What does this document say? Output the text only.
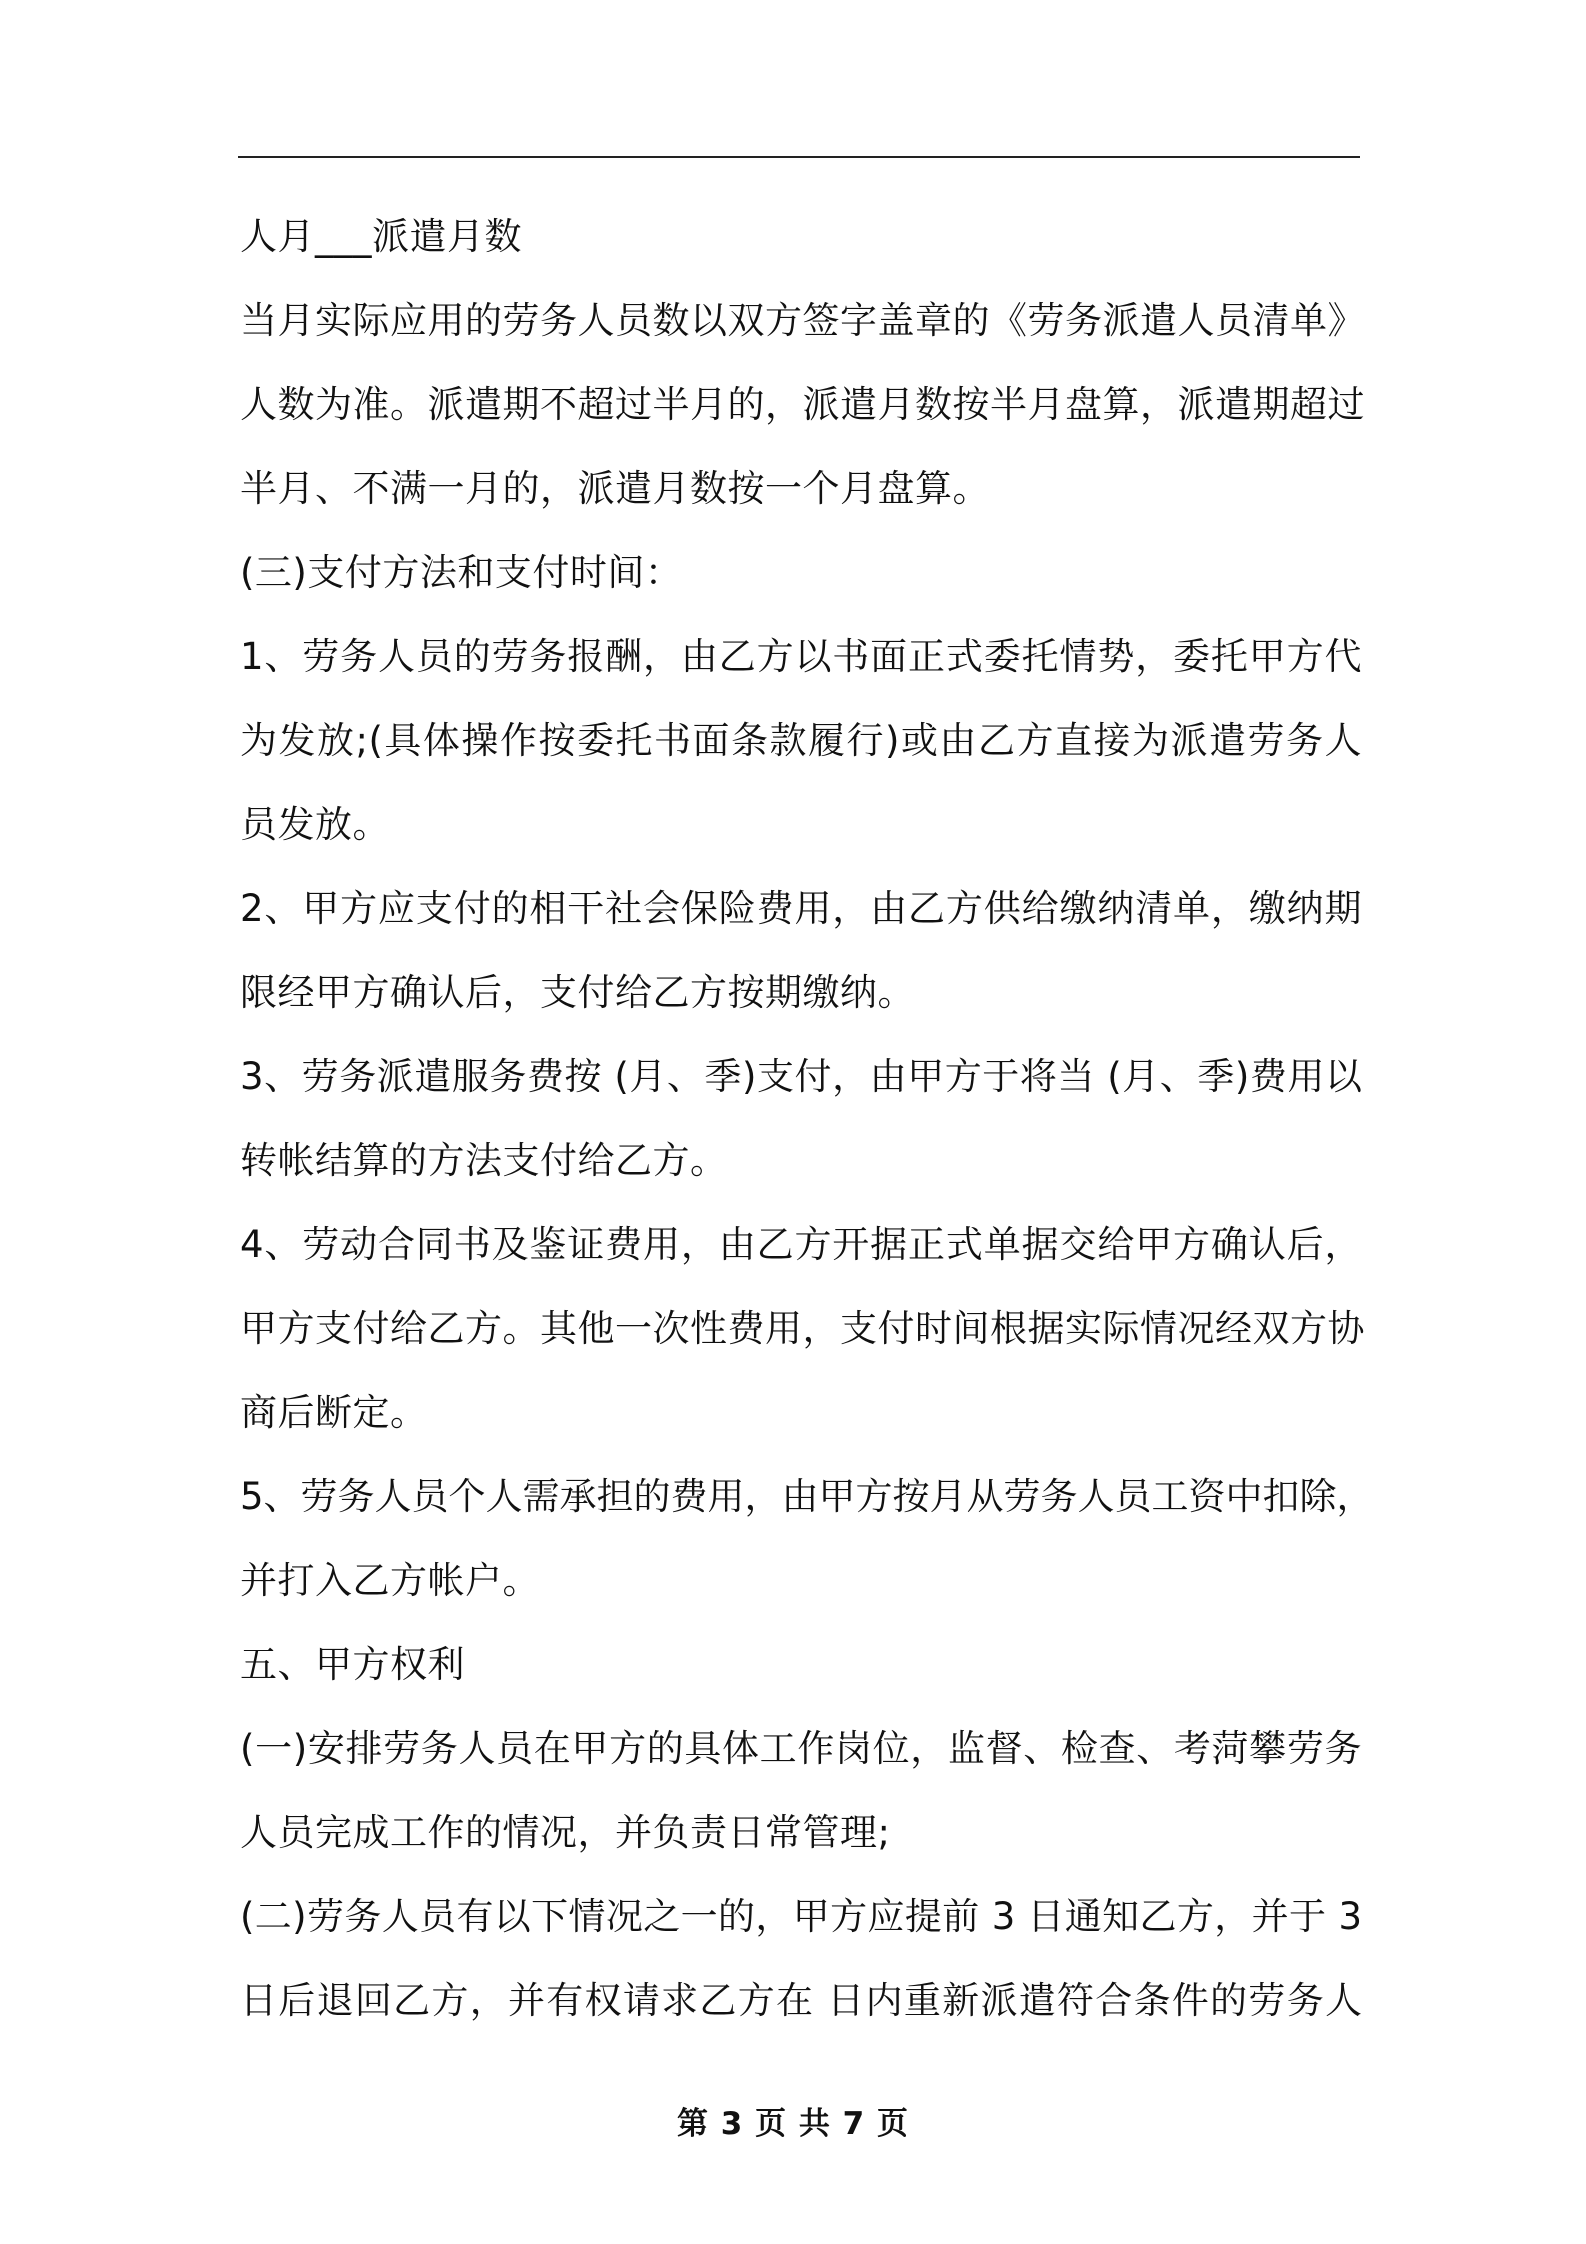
人月___派遣月数
当月实际应用的劳务人员数以双方签字盖章的《劳务派遣人员清单》
人数为准。派遣期不超过半月的，派遣月数按半月盘算，派遣期超过
半月、不满一月的，派遣月数按一个月盘算。
(三)支付方法和支付时间：
1、劳务人员的劳务报酬，由乙方以书面正式委托情势，委托甲方代
为发放;(具体操作按委托书面条款履行)或由乙方直接为派遣劳务人
员发放。
2、甲方应支付的相干社会保险费用，由乙方供给缴纳清单，缴纳期
限经甲方确认后，支付给乙方按期缴纳。
3、劳务派遣服务费按 (月、季)支付，由甲方于将当 (月、季)费用以
转帐结算的方法支付给乙方。
4、劳动合同书及鉴证费用，由乙方开据正式单据交给甲方确认后，
甲方支付给乙方。其他一次性费用，支付时间根据实际情况经双方协
商后断定。
5、劳务人员个人需承担的费用，由甲方按月从劳务人员工资中扣除，
并打入乙方帐户。
五、甲方权利
(一)安排劳务人员在甲方的具体工作岗位，监督、检查、考菏攀劳务
人员完成工作的情况，并负责日常管理;
(二)劳务人员有以下情况之一的，甲方应提前 3 日通知乙方，并于 3
日后退回乙方，并有权请求乙方在 日内重新派遣符合条件的劳务人
第 3 页 共 7 页
